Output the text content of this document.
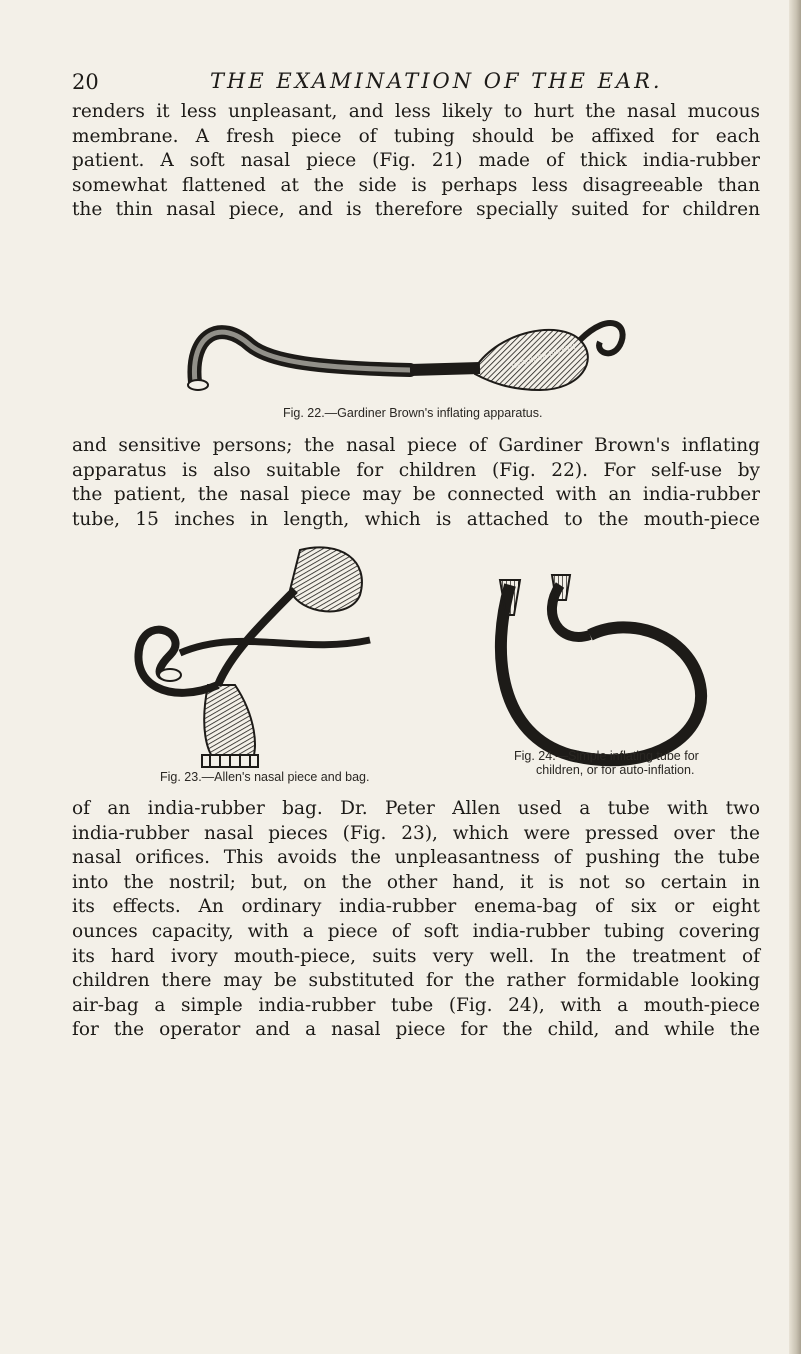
20	THE EXAMINATION OF THE EAR.
renders it less unpleasant, and less likely to hurt the nasal mucous
membrane. A fresh piece of tubing should be affixed for each
patient. A soft nasal piece (Fig. 21) made of thick india-rubber
somewhat flattened at the side is perhaps less disagreeable than
the thin nasal piece, and is therefore specially suited for children
GARDINER BROWN
Fig. 22.—Gardiner Brown's inflating apparatus.
and sensitive persons; the nasal piece of Gardiner Brown's inflating
apparatus is also suitable for children (Fig. 22). For self-use by
the patient, the nasal piece may be connected with an india-rubber
tube, 15 inches in length, which is attached to the mouth-piece
Fig. 23.—Allen's nasal piece and bag.
Fig. 24.—Simple inflating tube for
children, or for auto-inflation.
of an india-rubber bag. Dr. Peter Allen used a tube with two
india-rubber nasal pieces (Fig. 23), which were pressed over the
nasal orifices. This avoids the unpleasantness of pushing the tube
into the nostril; but, on the other hand, it is not so certain in
its effects. An ordinary india-rubber enema-bag of six or eight
ounces capacity, with a piece of soft india-rubber tubing covering
its hard ivory mouth-piece, suits very well. In the treatment of
children there may be substituted for the rather formidable looking
air-bag a simple india-rubber tube (Fig. 24), with a mouth-piece
for the operator and a nasal piece for the child, and while the
